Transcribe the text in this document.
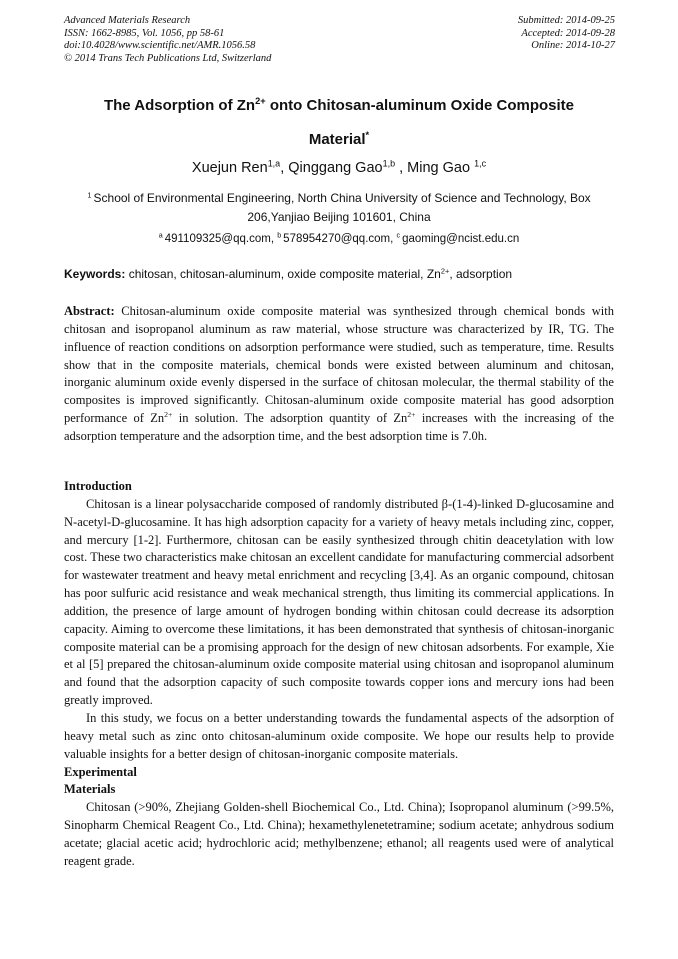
Advanced Materials Research
ISSN: 1662-8985, Vol. 1056, pp 58-61
doi:10.4028/www.scientific.net/AMR.1056.58
© 2014 Trans Tech Publications Ltd, Switzerland
Submitted: 2014-09-25
Accepted: 2014-09-28
Online: 2014-10-27
The Adsorption of $Zn^{2+}$ onto Chitosan-aluminum Oxide Composite
Material*
Xuejun Ren$^{1,a}$, Qinggang Gao$^{1,b}$ , Ming Gao $^{1,c}$
$^1$ School of Environmental Engineering, North China University of Science and Technology, Box
206,Yanjiao Beijing 101601, China
$^a$ 491109325@qq.com, $^b$ 578954270@qq.com, $^c$ gaoming@ncist.edu.cn
Keywords: chitosan, chitosan-aluminum, oxide composite material, $Zn^{2+}$, adsorption

Abstract: Chitosan-aluminum oxide composite material was synthesized through chemical bonds with chitosan and isopropanol aluminum as raw material, whose structure was characterized by IR, TG. The influence of reaction conditions on adsorption performance were studied, such as temperature, time. Results show that in the composite materials, chemical bonds were existed between aluminum and chitosan, inorganic aluminum oxide evenly dispersed in the surface of chitosan molecular, the thermal stability of the composites is improved significantly. Chitosan-aluminum oxide composite material has good adsorption performance of $Zn^{2+}$ in solution. The adsorption quantity of $Zn^{2+}$ increases with the increasing of the adsorption temperature and the adsorption time, and the best adsorption time is 7.0h.

Introduction

Chitosan is a linear polysaccharide composed of randomly distributed β-(1-4)-linked D-glucosamine and N-acetyl-D-glucosamine. It has high adsorption capacity for a variety of heavy metals including zinc, copper, and mercury [1-2]. Furthermore, chitosan can be easily synthesized through chitin deacetylation with low cost. These two characteristics make chitosan an excellent candidate for manufacturing commercial adsorbent for wastewater treatment and heavy metal enrichment and recycling [3,4]. As an organic compound, chitosan has poor sulfuric acid resistance and weak mechanical strength, thus limiting its commercial applications. In addition, the presence of large amount of hydrogen bonding within chitosan could decrease its adsorption capacity. Aiming to overcome these limitations, it has been demonstrated that synthesis of chitosan-inorganic composite material can be a promising approach for the design of new chitosan adsorbents. For example, Xie et al [5] prepared the chitosan-aluminum oxide composite material using chitosan and isopropanol aluminum and found that the adsorption capacity of such composite towards copper ions and mercury ions had been greatly improved.

In this study, we focus on a better understanding towards the fundamental aspects of the adsorption of heavy metal such as zinc onto chitosan-aluminum oxide composite. We hope our results help to provide valuable insights for a better design of chitosan-inorganic composite materials.

Experimental

Materials

Chitosan (>90%, Zhejiang Golden-shell Biochemical Co., Ltd. China); Isopropanol aluminum (>99.5%, Sinopharm Chemical Reagent Co., Ltd. China); hexamethylenetetramine; sodium acetate; anhydrous sodium acetate; glacial acetic acid; hydrochloric acid; methylbenzene; ethanol; all reagents used were of analytical reagent grade.
